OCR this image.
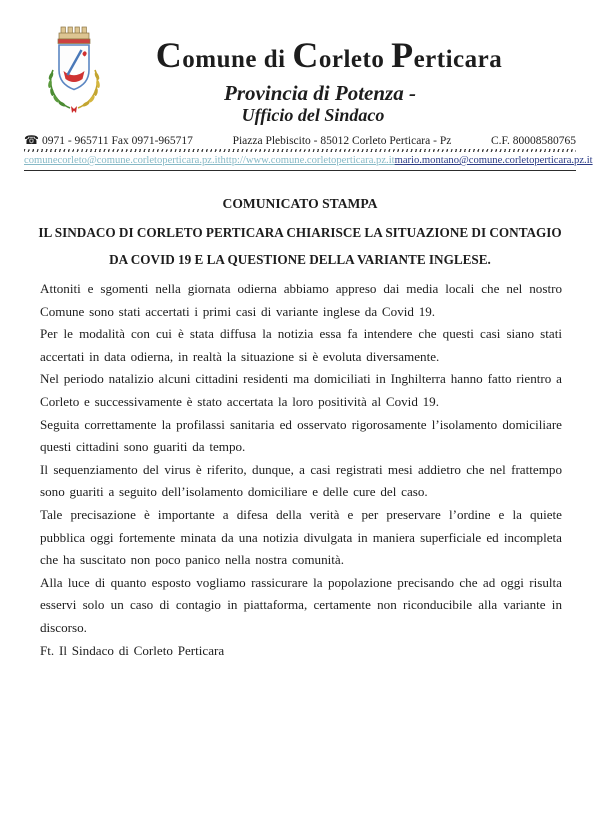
Comune di Corleto Perticara

Provincia di Potenza -

Ufficio del Sindaco

☎ 0971 - 965711 Fax 0971-965717	Piazza Plebiscito - 85012 Corleto Perticara - Pz	C.F. 80008580765
comunecorleto@comune.corletoperticara.pz.it http://www.comune.corletoperticara.pz.it mario.montano@comune.corletoperticara.pz.it

COMUNICATO STAMPA

IL SINDACO DI CORLETO PERTICARA CHIARISCE LA SITUAZIONE DI CONTAGIO DA COVID 19 E LA QUESTIONE DELLA VARIANTE INGLESE.

Attoniti e sgomenti nella giornata odierna abbiamo appreso dai media locali che nel nostro Comune sono stati accertati i primi casi di variante inglese da Covid 19.

Per le modalità con cui è stata diffusa la notizia essa fa intendere che questi casi siano stati accertati in data odierna, in realtà la situazione si è evoluta diversamente.

Nel periodo natalizio alcuni cittadini residenti ma domiciliati in Inghilterra hanno fatto rientro a Corleto e successivamente è stato accertata la loro positività al Covid 19.

Seguita correttamente la profilassi sanitaria ed osservato rigorosamente l’isolamento domiciliare questi cittadini sono guariti da tempo.

Il sequenziamento del virus è riferito, dunque, a casi registrati mesi addietro che nel frattempo sono guariti a seguito dell’isolamento domiciliare e delle cure del caso.

Tale precisazione è importante a difesa della verità e per preservare l’ordine e la quiete pubblica oggi fortemente minata da una notizia divulgata in maniera superficiale ed incompleta che ha suscitato non poco panico nella nostra comunità.

Alla luce di quanto esposto vogliamo rassicurare la popolazione precisando che ad oggi risulta esservi solo un caso di contagio in piattaforma, certamente non riconducibile alla variante in discorso.

Ft. Il Sindaco di Corleto Perticara
